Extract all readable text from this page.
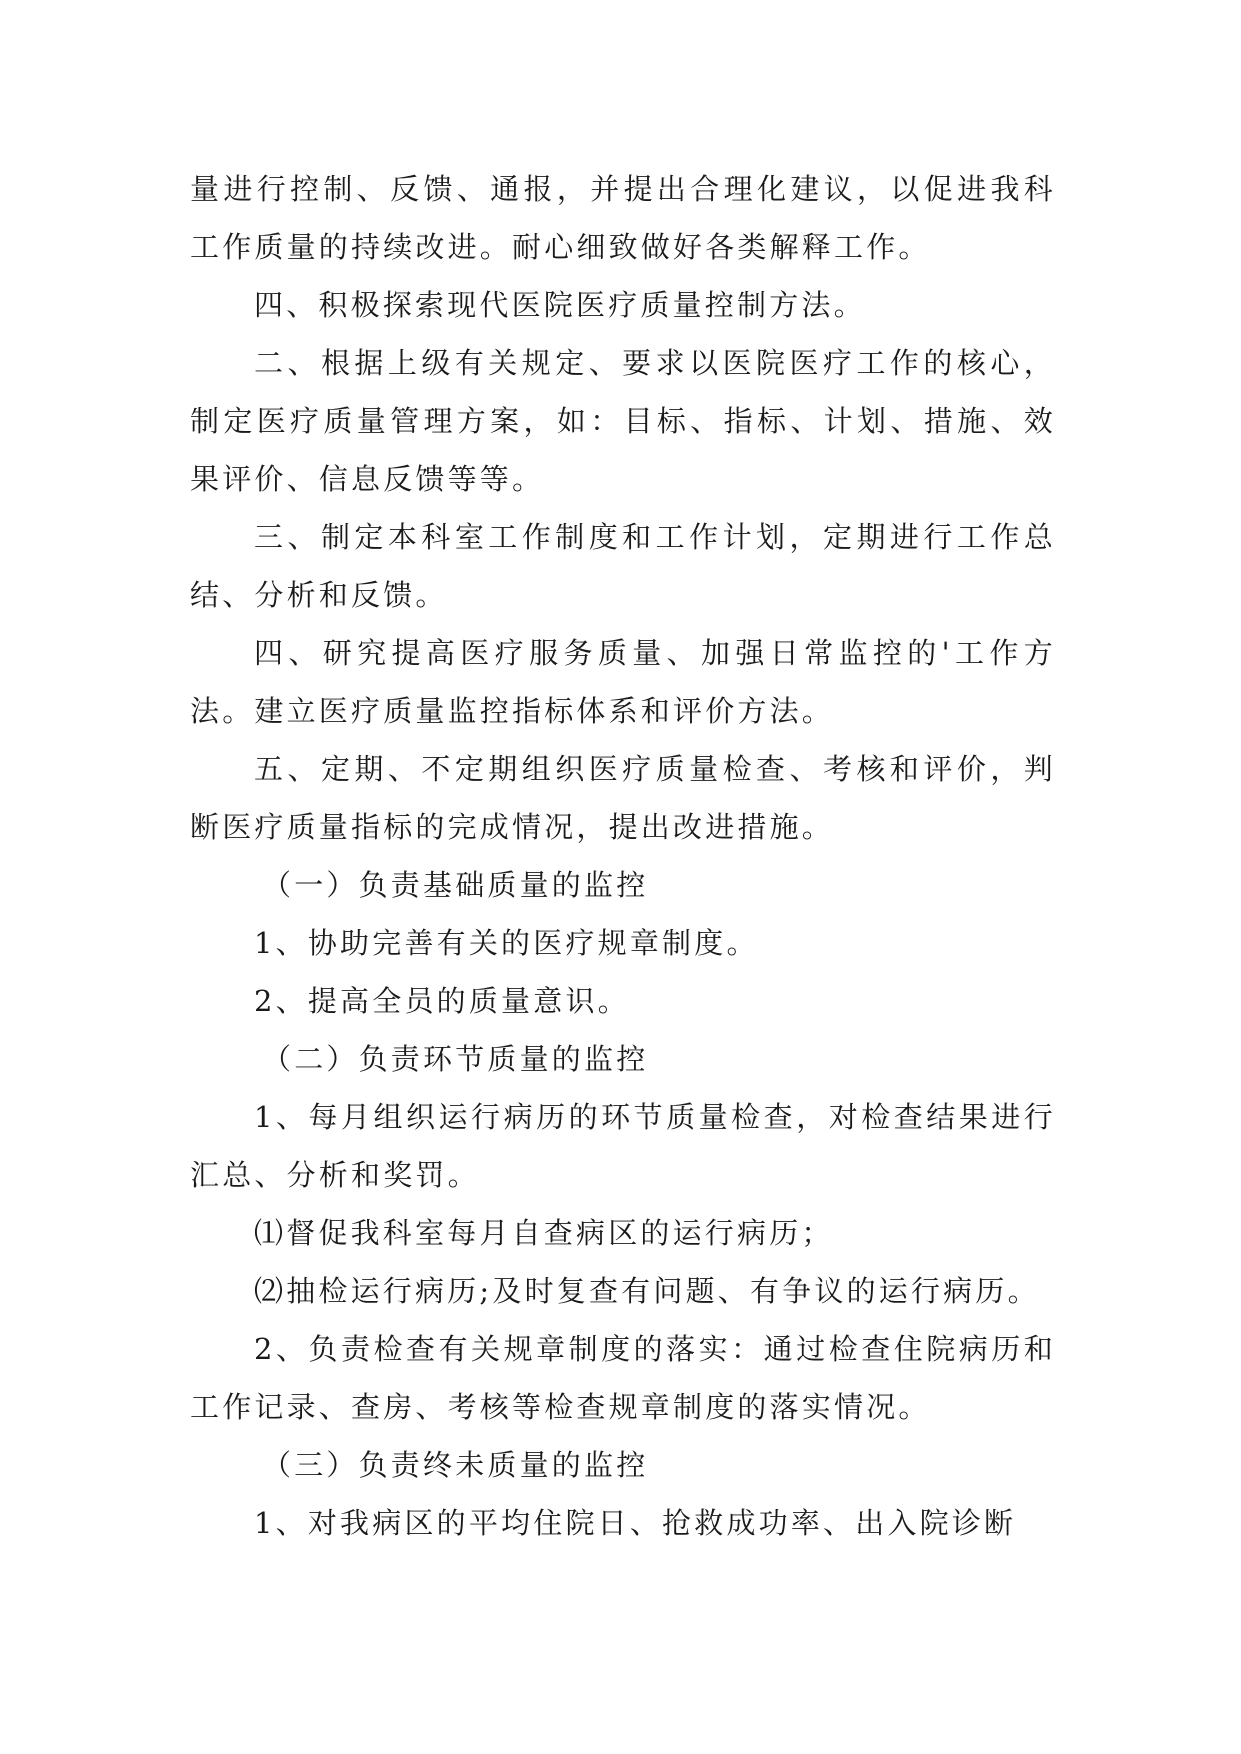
量进行控制、反馈、通报，并提出合理化建议，以促进我科工作质量的持续改进。耐心细致做好各类解释工作。

四、积极探索现代医院医疗质量控制方法。

二、根据上级有关规定、要求以医院医疗工作的核心，制定医疗质量管理方案，如：目标、指标、计划、措施、效果评价、信息反馈等等。

三、制定本科室工作制度和工作计划，定期进行工作总结、分析和反馈。

四、研究提高医疗服务质量、加强日常监控的'工作方法。建立医疗质量监控指标体系和评价方法。

五、定期、不定期组织医疗质量检查、考核和评价，判断医疗质量指标的完成情况，提出改进措施。

（一）负责基础质量的监控

1、协助完善有关的医疗规章制度。

2、提高全员的质量意识。

（二）负责环节质量的监控

1、每月组织运行病历的环节质量检查，对检查结果进行汇总、分析和奖罚。

⑴督促我科室每月自查病区的运行病历；

⑵抽检运行病历;及时复查有问题、有争议的运行病历。

2、负责检查有关规章制度的落实：通过检查住院病历和工作记录、查房、考核等检查规章制度的落实情况。

（三）负责终未质量的监控

1、对我病区的平均住院日、抢救成功率、出入院诊断
